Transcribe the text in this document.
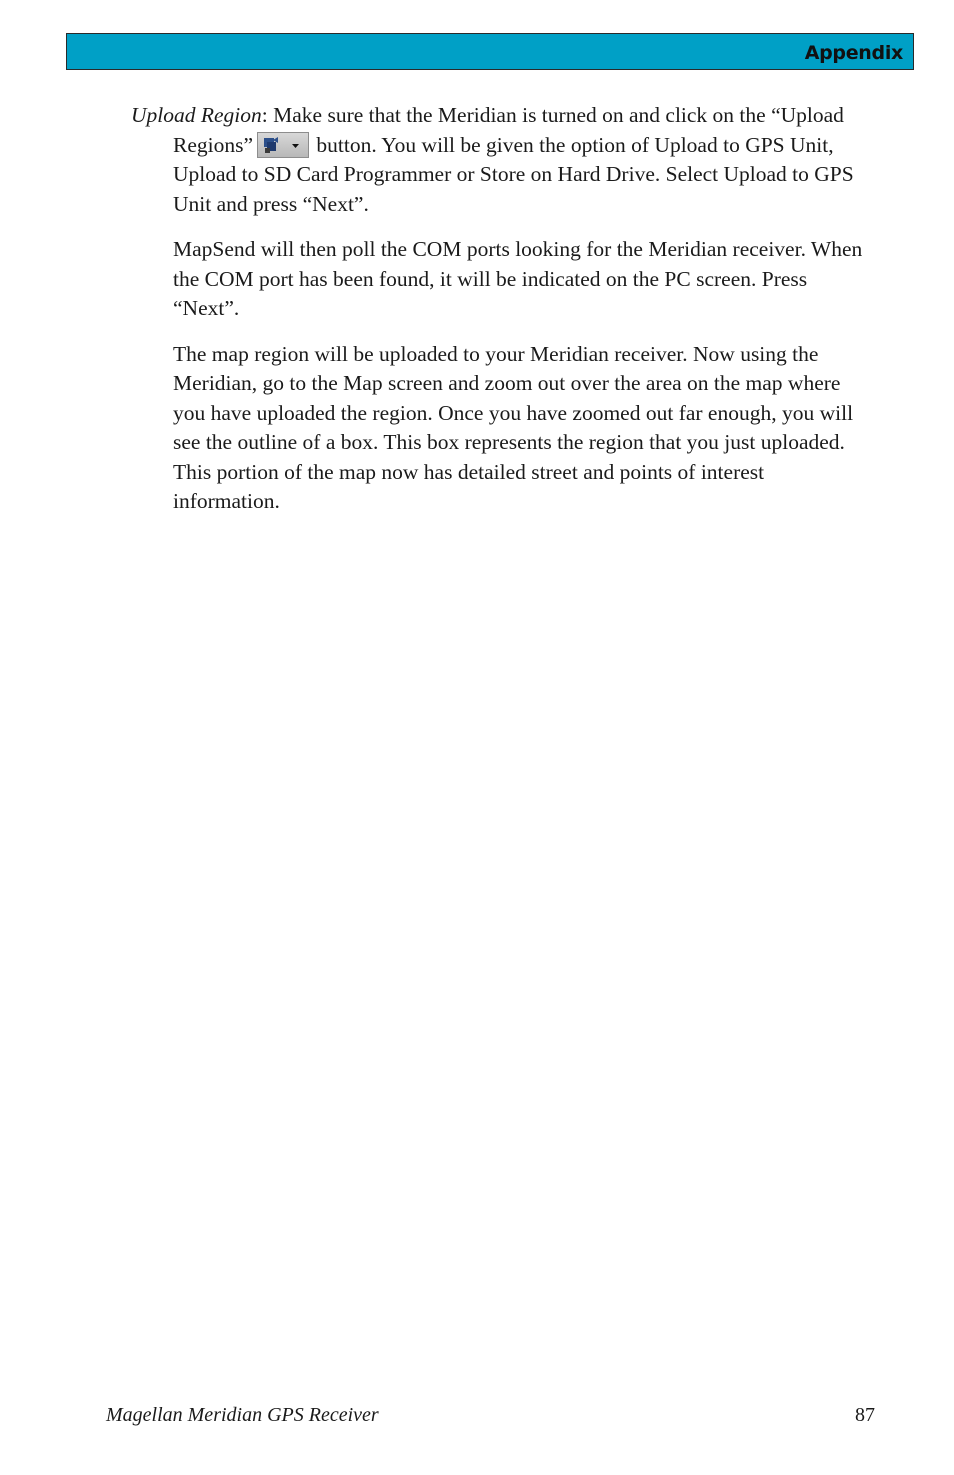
Appendix

Upload Region: Make sure that the Meridian is turned on and click on the “Upload Regions”	button. You will be given the option of Upload to GPS Unit, Upload to SD Card Programmer or Store on Hard Drive. Select Upload to GPS Unit and press “Next”.

MapSend will then poll the COM ports looking for the Meridian receiver. When the COM port has been found, it will be indicated on the PC screen. Press “Next”.

The map region will be uploaded to your Meridian receiver. Now using the Meridian, go to the Map screen and zoom out over the area on the map where you have uploaded the region. Once you have zoomed out far enough, you will see the outline of a box. This box represents the region that you just uploaded. This portion of the map now has detailed street and points of interest information.

Magellan Meridian GPS Receiver	87
